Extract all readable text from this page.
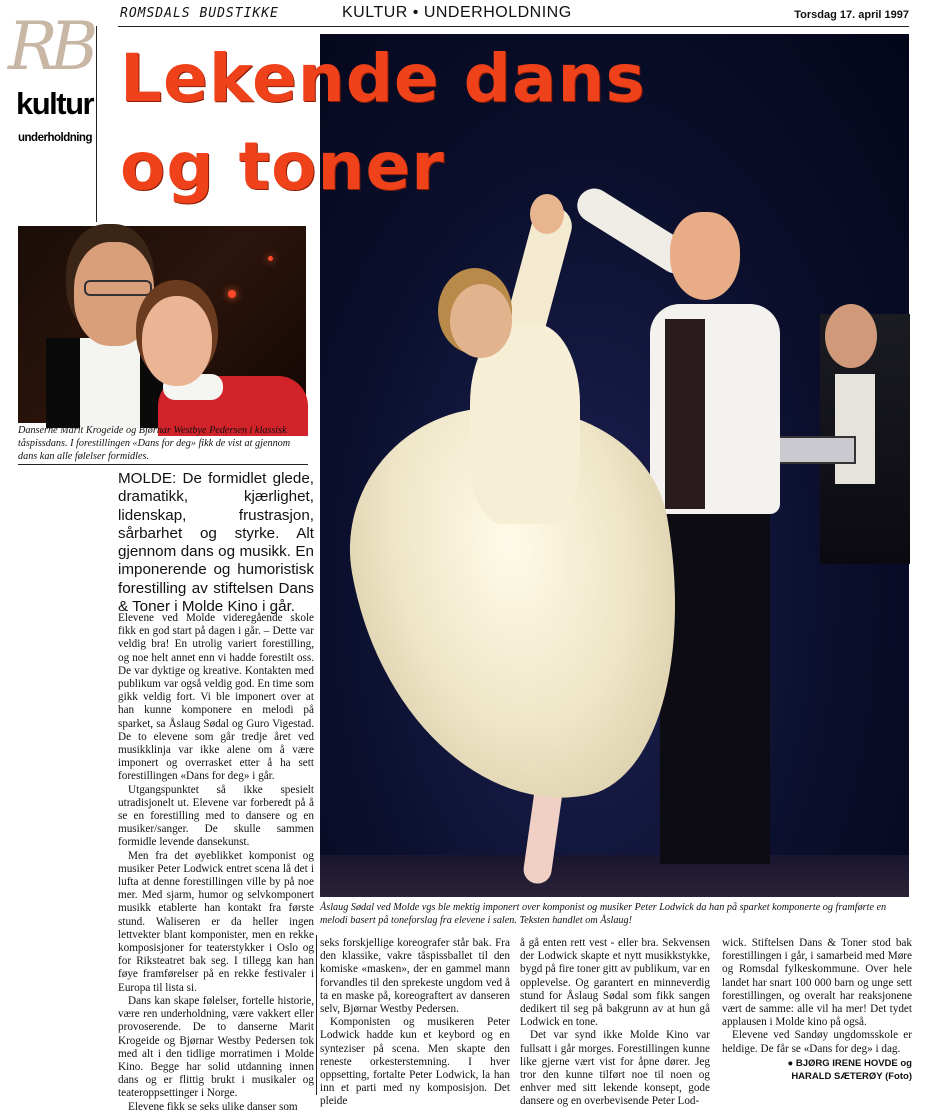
ROMSDALS BUDSTIKKE	KULTUR • UNDERHOLDNING	Torsdag 17. april 1997
RB
kultur
underholdning
Lekende dans
og toner
Danserne Marit Krogeide og Bjørnar Westbye Pedersen i klassisk tåspissdans. I forestillingen «Dans for deg» fikk de vist at gjennom dans kan alle følelser formidles.
Åslaug Sødal ved Molde vgs ble mektig imponert over komponist og musiker Peter Lodwick da han på sparket komponerte og framførte en melodi basert på toneforslag fra elevene i salen. Teksten handlet om Åslaug!
MOLDE: De formidlet glede, dramatikk, kjærlighet, lidenskap, frustrasjon, sårbarhet og styrke. Alt gjennom dans og musikk. En imponerende og humoristisk forestilling av stiftelsen Dans & Toner i Molde Kino i går.

Elevene ved Molde videregående skole fikk en god start på dagen i går. – Dette var veldig bra! En utrolig variert forestilling, og noe helt annet enn vi hadde forestilt oss. De var dyktige og kreative. Kontakten med publikum var også veldig god. En time som gikk veldig fort. Vi ble imponert over at han kunne komponere en melodi på sparket, sa Åslaug Sødal og Guro Vigestad. De to elevene som går tredje året ved musikklinja var ikke alene om å være imponert og overrasket etter å ha sett forestillingen «Dans for deg» i går.

Utgangspunktet så ikke spesielt utradisjonelt ut. Elevene var forberedt på å se en forestilling med to dansere og en musiker/sanger. De skulle sammen formidle levende dansekunst.

Men fra det øyeblikket komponist og musiker Peter Lodwick entret scena lå det i lufta at denne forestillingen ville by på noe mer. Med sjarm, humor og selvkomponert musikk etablerte han kontakt fra første stund. Waliseren er da heller ingen lettvekter blant komponister, men en rekke komposisjoner for teaterstykker i Oslo og for Riksteatret bak seg. I tillegg kan han føye framførelser på en rekke festivaler i Europa til lista si.

Dans kan skape følelser, fortelle historie, være ren underholdning, være vakkert eller provoserende. De to danserne Marit Krogeide og Bjørnar Westby Pedersen tok med alt i den tidlige morratimen i Molde Kino. Begge har solid utdanning innen dans og er flittig brukt i musikaler og teateroppsettinger i Norge.

Elevene fikk se seks ulike danser som

seks forskjellige koreografer står bak. Fra den klassike, vakre tåspissballet til den komiske «masken», der en gammel mann forvandles til den sprekeste ungdom ved å ta en maske på, koreograftert av danseren selv, Bjørnar Westby Pedersen.

Komponisten og musikeren Peter Lodwick hadde kun et keybord og en synteziser på scena. Men skapte den reneste orkesterstemning. I hver oppsetting, fortalte Peter Lodwick, la han inn et parti med ny komposisjon. Det pleide

å gå enten rett vest - eller bra. Sekvensen der Lodwick skapte et nytt musikkstykke, bygd på fire toner gitt av publikum, var en opplevelse. Og garantert en minneverdig stund for Åslaug Sødal som fikk sangen dedikert til seg på bakgrunn av at hun gå Lodwick en tone.

Det var synd ikke Molde Kino var fullsatt i går morges. Forestillingen kunne like gjerne vært vist for åpne dører. Jeg tror den kunne tilført noe til noen og enhver med sitt lekende konsept, gode dansere og en overbevisende Peter Lod-

wick. Stiftelsen Dans & Toner stod bak forestillingen i går, i samarbeid med Møre og Romsdal fylkeskommune. Over hele landet har snart 100 000 barn og unge sett forestillingen, og overalt har reaksjonene vært de samme: alle vil ha mer! Det tydet applausen i Molde kino på også.

Elevene ved Sandøy ungdomsskole er heldige. De får se «Dans for deg» i dag.

● BJØRG IRENE HOVDE og

HARALD SÆTERØY (Foto)
